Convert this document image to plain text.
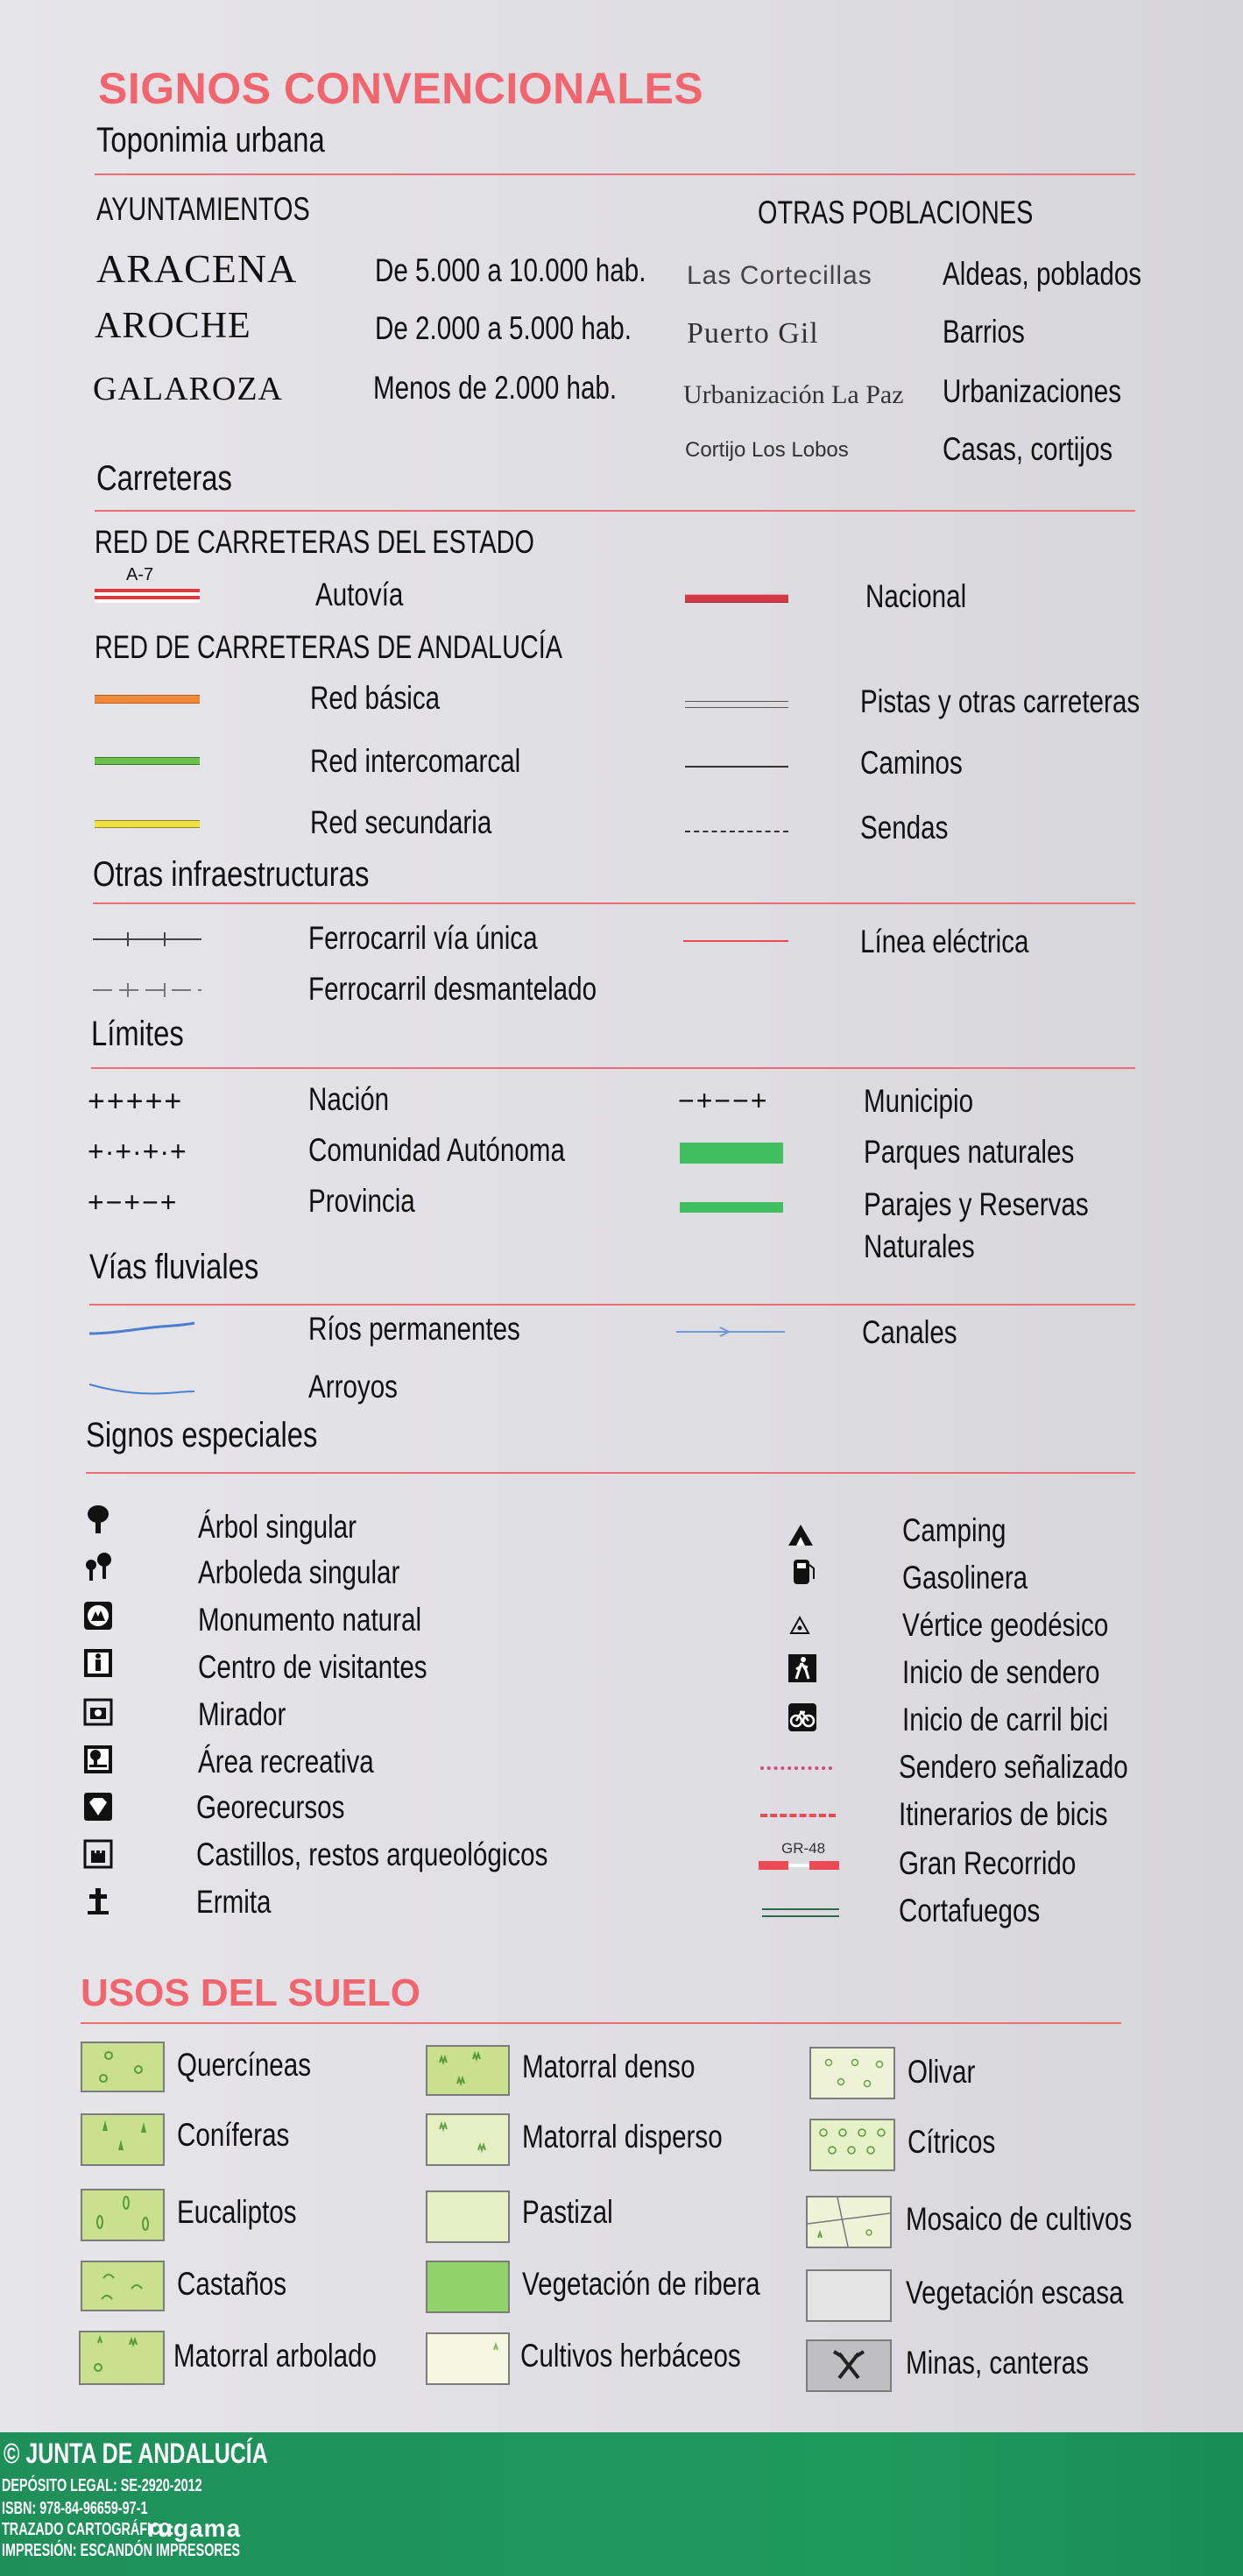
SIGNOS CONVENCIONALES
Toponimia urbana
AYUNTAMIENTOS	OTRAS POBLACIONES
ARACENA De 5.000 a 10.000 hab.
AROCHE	De 2.000 a 5.000 hab.
GALAROZA	Menos de 2.000 hab.
Las Cortecillas Aldeas, poblados
Puerto Gil	Barrios
Urbanización La Paz Urbanizaciones
Cortijo Los Lobos	Casas, cortijos
Carreteras
RED DE CARRETERAS DEL ESTADO
A-7
Autovía	Nacional
RED DE CARRETERAS DE ANDALUCÍA
Red básica
Red intercomarcal
Red secundaria
Pistas y otras carreteras
Caminos
Sendas
Otras infraestructuras
Ferrocarril vía única
Ferrocarril desmantelado
Línea eléctrica
Límites
+++++	Nación
+·+·+·+	Comunidad Autónoma
+−+−+	Provincia
−+−−+	Municipio
Parques naturales
Parajes y Reservas
Naturales
Vías fluviales
Ríos permanentes
Arroyos
Canales
Signos especiales
Árbol singular
Arboleda singular
Monumento natural
Centro de visitantes
Mirador
Área recreativa
Georecursos
Castillos, restos arqueológicos
Ermita
Camping
Gasolinera
Vértice geodésico
Inicio de sendero
Inicio de carril bici
Sendero señalizado
Itinerarios de bicis
GR-48 Gran Recorrido
Cortafuegos
USOS DEL SUELO
Quercíneas
Coníferas
Eucaliptos
Castaños
Matorral arbolado
Matorral denso
Matorral disperso
Pastizal
Vegetación de ribera
Cultivos herbáceos
Olivar
Cítricos
Mosaico de cultivos
Vegetación escasa
Minas, canteras
© JUNTA DE ANDALUCÍA
DEPÓSITO LEGAL: SE-2920-2012
ISBN: 978-84-96659-97-1
TRAZADO CARTOGRÁFICO:
rugama
IMPRESIÓN: ESCANDÓN IMPRESORES
